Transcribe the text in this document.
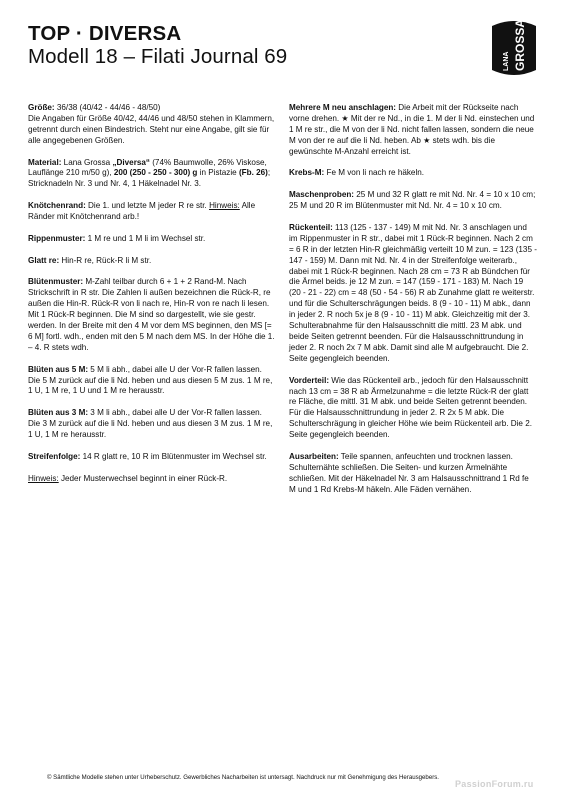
TOP · DIVERSA
Modell 18 – Filati Journal 69	LANA GROSSA

Größe: 36/38 (40/42 - 44/46 - 48/50)
Die Angaben für Größe 40/42, 44/46 und 48/50 stehen in Klammern, getrennt durch einen Bindestrich. Steht nur eine Angabe, gilt sie für alle angegebenen Größen.

Material: Lana Grossa „Diversa“ (74% Baumwolle, 26% Viskose, Lauflänge 210 m/50 g), 200 (250 - 250 - 300) g in Pistazie (Fb. 26); Stricknadeln Nr. 3 und Nr. 4, 1 Häkelnadel Nr. 3.

Knötchenrand: Die 1. und letzte M jeder R re str. Hinweis: Alle Ränder mit Knötchenrand arb.!

Rippenmuster: 1 M re und 1 M li im Wechsel str.

Glatt re: Hin-R re, Rück-R li M str.

Blütenmuster: M-Zahl teilbar durch 6 + 1 + 2 Rand-M. Nach Strickschrift in R str. Die Zahlen li außen bezeichnen die Rück-R, re außen die Hin-R. Rück-R von li nach re, Hin-R von re nach li lesen. Mit 1 Rück-R beginnen. Die M sind so dargestellt, wie sie gestr. werden. In der Breite mit den 4 M vor dem MS beginnen, den MS [= 6 M] fortl. wdh., enden mit den 5 M nach dem MS. In der Höhe die 1. – 4. R stets wdh.

Blüten aus 5 M: 5 M li abh., dabei alle U der Vor-R fallen lassen. Die 5 M zurück auf die li Nd. heben und aus diesen 5 M zus. 1 M re, 1 U, 1 M re, 1 U und 1 M re herausstr.

Blüten aus 3 M: 3 M li abh., dabei alle U der Vor-R fallen lassen. Die 3 M zurück auf die li Nd. heben und aus diesen 3 M zus. 1 M re, 1 U, 1 M re herausstr.

Streifenfolge: 14 R glatt re, 10 R im Blütenmuster im Wechsel str.

Hinweis: Jeder Musterwechsel beginnt in einer Rück-R.

Mehrere M neu anschlagen: Die Arbeit mit der Rückseite nach vorne drehen. ★ Mit der re Nd., in die 1. M der li Nd. einstechen und 1 M re str., die M von der li Nd. nicht fallen lassen, sondern die neue M von der re auf die li Nd. heben. Ab ★ stets wdh. bis die gewünschte M-Anzahl erreicht ist.

Krebs-M: Fe M von li nach re häkeln.

Maschenproben: 25 M und 32 R glatt re mit Nd. Nr. 4 = 10 x 10 cm; 25 M und 20 R im Blütenmuster mit Nd. Nr. 4 = 10 x 10 cm.

Rückenteil: 113 (125 - 137 - 149) M mit Nd. Nr. 3 anschlagen und im Rippenmuster in R str., dabei mit 1 Rück-R beginnen. Nach 2 cm = 6 R in der letzten Hin-R gleichmäßig verteilt 10 M zun. = 123 (135 - 147 - 159) M. Dann mit Nd. Nr. 4 in der Streifenfolge weiterarb., dabei mit 1 Rück-R beginnen. Nach 28 cm = 73 R ab Bündchen für die Ärmel beids. je 12 M zun. = 147 (159 - 171 - 183) M. Nach 19 (20 - 21 - 22) cm = 48 (50 - 54 - 56) R ab Zunahme glatt re weiterstr. und für die Schulterschrägungen beids. 8 (9 - 10 - 11) M abk., dann in jeder 2. R noch 5x je 8 (9 - 10 - 11) M abk. Gleichzeitig mit der 3. Schulterabnahme für den Halsausschnitt die mittl. 23 M abk. und beide Seiten getrennt beenden. Für die Halsausschnittrundung in jeder 2. R noch 2x 7 M abk. Damit sind alle M aufgebraucht. Die 2. Seite gegengleich beenden.

Vorderteil: Wie das Rückenteil arb., jedoch für den Halsausschnitt nach 13 cm = 38 R ab Ärmelzunahme = die letzte Rück-R der glatt re Fläche, die mittl. 31 M abk. und beide Seiten getrennt beenden. Für die Halsausschnittrundung in jeder 2. R 2x 5 M abk. Die Schulterschrägung in gleicher Höhe wie beim Rückenteil arb. Die 2. Seite gegengleich beenden.

Ausarbeiten: Teile spannen, anfeuchten und trocknen lassen. Schulternähte schließen. Die Seiten- und kurzen Ärmelnähte schließen. Mit der Häkelnadel Nr. 3 am Halsausschnittrand 1 Rd fe M und 1 Rd Krebs-M häkeln. Alle Fäden vernähen.

© Sämtliche Modelle stehen unter Urheberschutz. Gewerbliches Nacharbeiten ist untersagt. Nachdruck nur mit Genehmigung des Herausgebers.
PassionForum.ru
